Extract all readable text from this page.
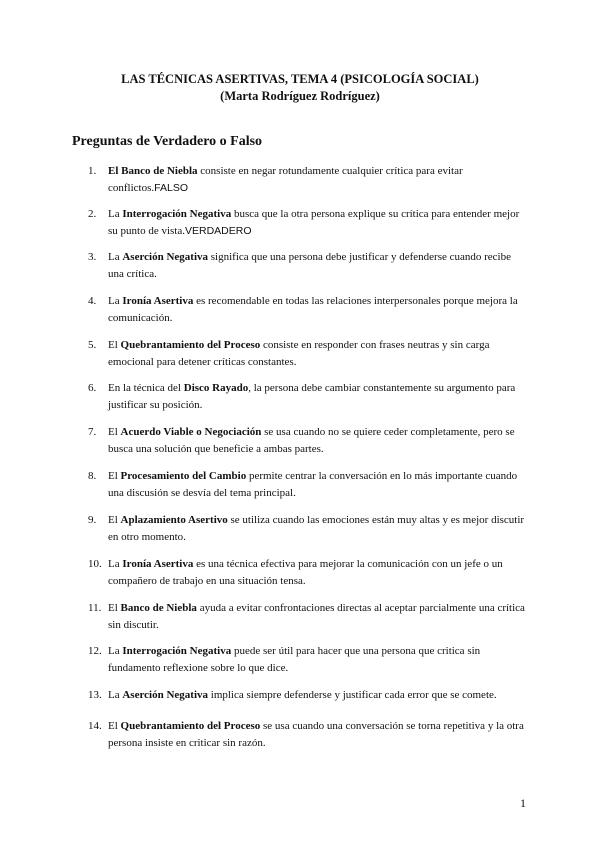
LAS TÉCNICAS ASERTIVAS, TEMA 4 (PSICOLOGÍA SOCIAL)
(Marta Rodríguez Rodríguez)
Preguntas de Verdadero o Falso
1.	El Banco de Niebla consiste en negar rotundamente cualquier crítica para evitar conflictos.FALSO
2.	La Interrogación Negativa busca que la otra persona explique su crítica para entender mejor su punto de vista.VERDADERO
3.	La Aserción Negativa significa que una persona debe justificar y defenderse cuando recibe una crítica.
4.	La Ironía Asertiva es recomendable en todas las relaciones interpersonales porque mejora la comunicación.
5.	El Quebrantamiento del Proceso consiste en responder con frases neutras y sin carga emocional para detener críticas constantes.
6.	En la técnica del Disco Rayado, la persona debe cambiar constantemente su argumento para justificar su posición.
7.	El Acuerdo Viable o Negociación se usa cuando no se quiere ceder completamente, pero se busca una solución que beneficie a ambas partes.
8.	El Procesamiento del Cambio permite centrar la conversación en lo más importante cuando una discusión se desvía del tema principal.
9.	El Aplazamiento Asertivo se utiliza cuando las emociones están muy altas y es mejor discutir en otro momento.
10. La Ironía Asertiva es una técnica efectiva para mejorar la comunicación con un jefe o un compañero de trabajo en una situación tensa.
11. El Banco de Niebla ayuda a evitar confrontaciones directas al aceptar parcialmente una crítica sin discutir.
12. La Interrogación Negativa puede ser útil para hacer que una persona que critica sin fundamento reflexione sobre lo que dice.
13. La Aserción Negativa implica siempre defenderse y justificar cada error que se comete.
14. El Quebrantamiento del Proceso se usa cuando una conversación se torna repetitiva y la otra persona insiste en criticar sin razón.
1
